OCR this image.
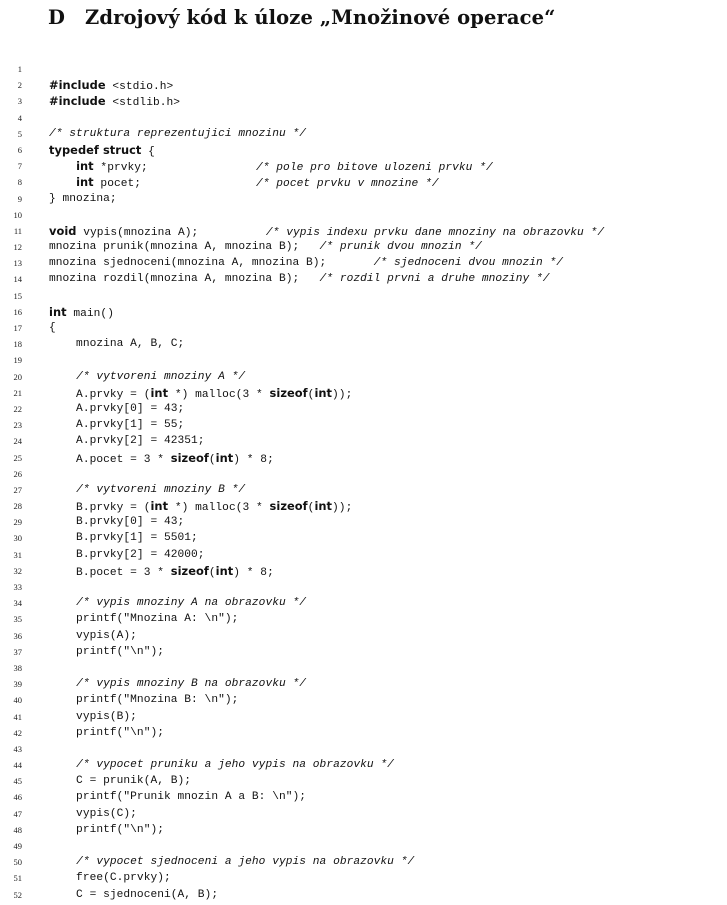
D	Zdrojový kód k úloze „Množinové operace“
1
2 #include <stdio.h>
3 #include <stdlib.h>
4
5 /* struktura reprezentujici mnozinu */
6 typedef struct {
7	int *prvky;                /* pole pro bitove ulozeni prvku */
8	int pocet;                 /* pocet prvku v mnozine */
9 } mnozina;
10
11 void vypis(mnozina A);          /* vypis indexu prvku dane mnoziny na obrazovku */
12 mnozina prunik(mnozina A, mnozina B);   /* prunik dvou mnozin */
13 mnozina sjednoceni(mnozina A, mnozina B);       /* sjednoceni dvou mnozin */
14 mnozina rozdil(mnozina A, mnozina B);   /* rozdil prvni a druhe mnoziny */
15
16 int main()
17 {
18 mnozina A, B, C;
19
20	/* vytvoreni mnoziny A */
21 A.prvky = (int *) malloc(3 * sizeof(int));
22 A.prvky[0] = 43;
23 A.prvky[1] = 55;
24 A.prvky[2] = 42351;
25 A.pocet = 3 * sizeof(int) * 8;
26
27	/* vytvoreni mnoziny B */
28 B.prvky = (int *) malloc(3 * sizeof(int));
29 B.prvky[0] = 43;
30 B.prvky[1] = 5501;
31 B.prvky[2] = 42000;
32 B.pocet = 3 * sizeof(int) * 8;
33
34	/* vypis mnoziny A na obrazovku */
35 printf("Mnozina A: \n");
36 vypis(A);
37 printf("\n");
38
39	/* vypis mnoziny B na obrazovku */
40 printf("Mnozina B: \n");
41 vypis(B);
42 printf("\n");
43
44	/* vypocet pruniku a jeho vypis na obrazovku */
45 C = prunik(A, B);
46 printf("Prunik mnozin A a B: \n");
47 vypis(C);
48 printf("\n");
49
50	/* vypocet sjednoceni a jeho vypis na obrazovku */
51 free(C.prvky);
52 C = sjednoceni(A, B);
